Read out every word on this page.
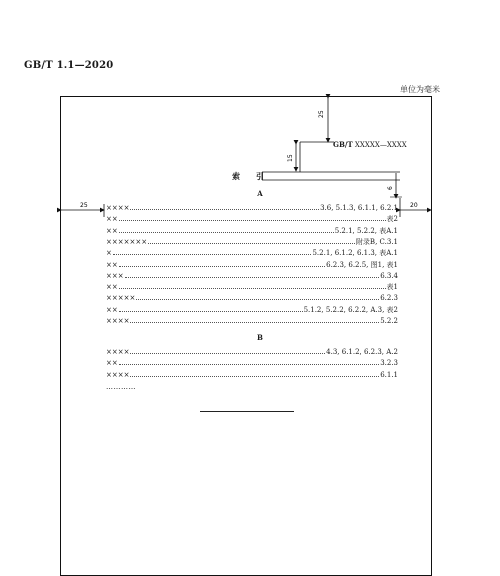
GB/T 1.1—2020
单位为毫米
25
15
6
25	20
GB/T XXXXX—XXXX
索引
A
××××	3.6, 5.1.3, 6.1.1, 6.2.1
××	表2
××	5.2.1, 5.2.2, 表A.1
×××××××	附录B, C.3.1
×	5.2.1, 6.1.2, 6.1.3, 表A.1
××	6.2.3, 6.2.5, 图1, 表1
×××	6.3.4
××	表1
×××××	6.2.3
××	5.1.2, 5.2.2, 6.2.2, A.3, 表2
××××	5.2.2
B
××××	4.3, 6.1.2, 6.2.3, A.2
××	3.2.3
××××	6.1.1
…………
